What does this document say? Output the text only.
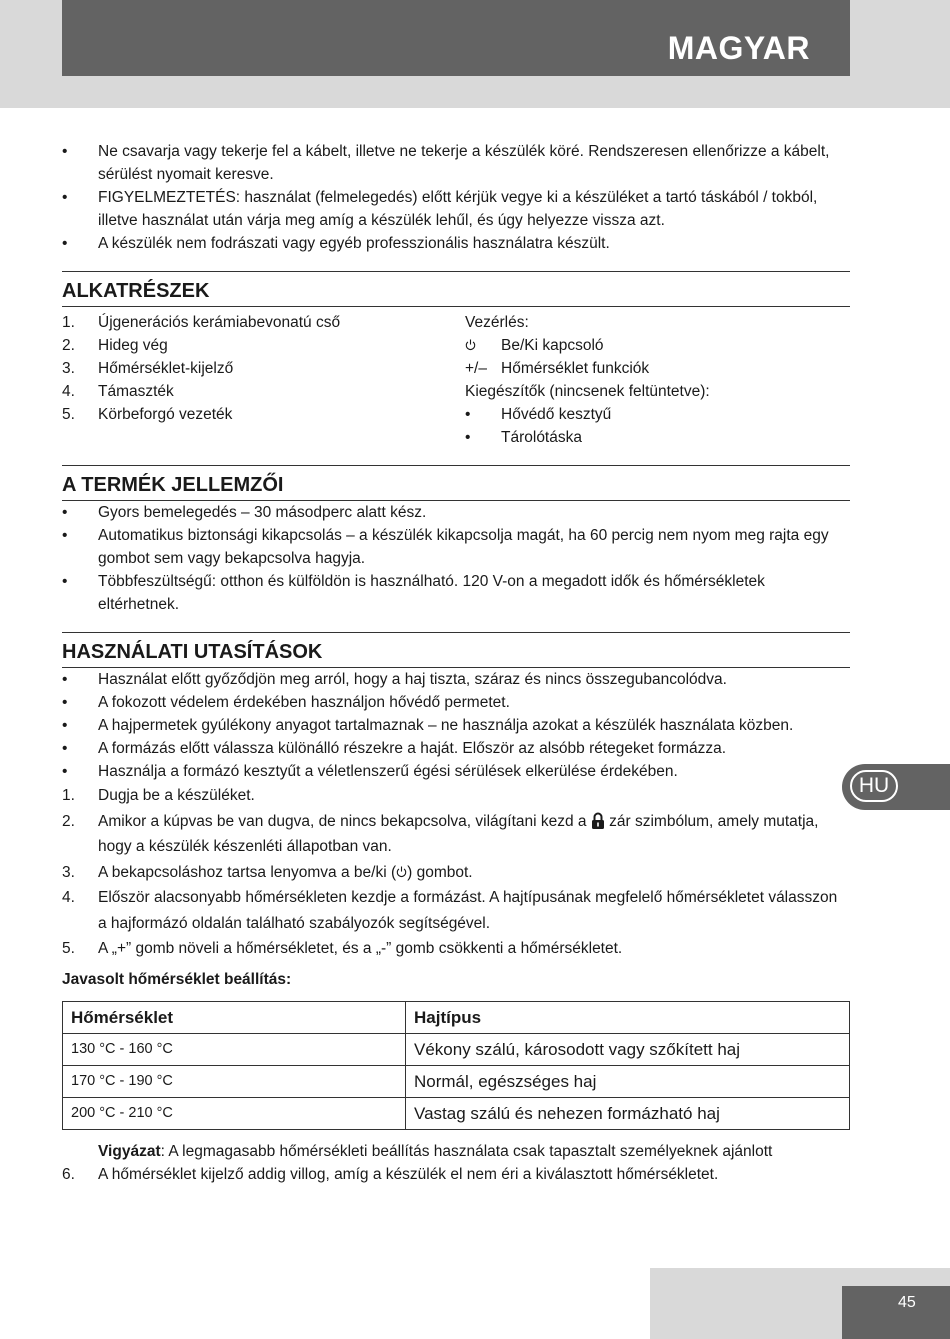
MAGYAR
•	Ne csavarja vagy tekerje fel a kábelt, illetve ne tekerje a készülék köré. Rendszeresen ellenőrizze a kábelt, sérülést nyomait keresve.
•	FIGYELMEZTETÉS: használat (felmelegedés) előtt kérjük vegye ki a készüléket a tartó táskából / tokból, illetve használat után várja meg amíg a készülék lehűl, és úgy helyezze vissza azt.
•	A készülék nem fodrászati vagy egyéb professzionális használatra készült.
ALKATRÉSZEK
1.	Újgenerációs kerámiabevonatú cső
2.	Hideg vég
3.	Hőmérséklet-kijelző
4.	Támaszték
5.	Körbeforgó vezeték
Vezérlés:
Be/Ki kapcsoló
+/– Hőmérséklet funkciók
Kiegészítők (nincsenek feltüntetve):
• Hővédő kesztyű
• Tárolótáska
A TERMÉK JELLEMZŐI
•	Gyors bemelegedés – 30 másodperc alatt kész.
•	Automatikus biztonsági kikapcsolás – a készülék kikapcsolja magát, ha 60 percig nem nyom meg rajta egy gombot sem vagy bekapcsolva hagyja.
•	Többfeszültségű: otthon és külföldön is használható. 120 V-on a megadott idők és hőmérsékletek eltérhetnek.
HASZNÁLATI UTASÍTÁSOK
•	Használat előtt győződjön meg arról, hogy a haj tiszta, száraz és nincs összegubancolódva.
•	A fokozott védelem érdekében használjon hővédő permetet.
•	A hajpermetek gyúlékony anyagot tartalmaznak – ne használja azokat a készülék használata közben.
•	A formázás előtt válassza különálló részekre a haját. Először az alsóbb rétegeket formázza.
•	Használja a formázó kesztyűt a véletlenszerű égési sérülések elkerülése érdekében.
1.	Dugja be a készüléket.
2.	Amikor a kúpvas be van dugva, de nincs bekapcsolva, világítani kezd a  zár szimbólum, amely mutatja, hogy a készülék készenléti állapotban van.
3.	A bekapcsoláshoz tartsa lenyomva a be/ki ( ) gombot.
4.	Először alacsonyabb hőmérsékleten kezdje a formázást. A hajtípusának megfelelő hőmérsékletet válasszon a hajformázó oldalán található szabályozók segítségével.
5.	A „+” gomb növeli a hőmérsékletet, és a „-” gomb csökkenti a hőmérsékletet.
Javasolt hőmérséklet beállítás:
Hőmérséklet	Hajtípus
130 °C - 160 °C	Vékony szálú, károsodott vagy szőkített haj
170 °C - 190 °C	Normál, egészséges haj
200 °C - 210 °C	Vastag szálú és nehezen formázható haj
Vigyázat: A legmagasabb hőmérsékleti beállítás használata csak tapasztalt személyeknek ajánlott
6.	A hőmérséklet kijelző addig villog, amíg a készülék el nem éri a kiválasztott hőmérsékletet.
HU
45
